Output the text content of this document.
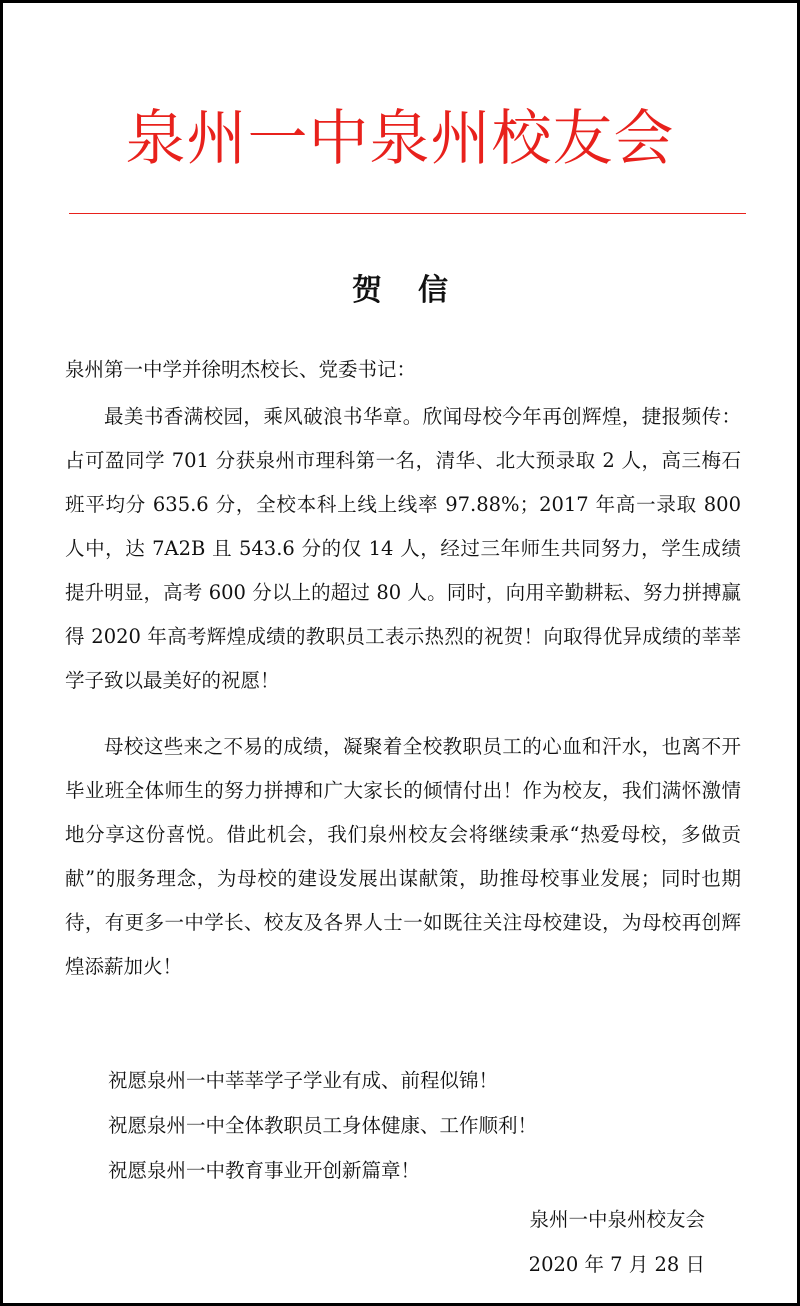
泉州一中泉州校友会
贺 信
泉州第一中学并徐明杰校长、党委书记：
最美书香满校园，乘风破浪书华章。欣闻母校今年再创辉煌，捷报频传：占可盈同学 701 分获泉州市理科第一名，清华、北大预录取 2 人，高三梅石班平均分 635.6 分，全校本科上线上线率 97.88%；2017 年高一录取 800 人中，达 7A2B 且 543.6 分的仅 14 人，经过三年师生共同努力，学生成绩提升明显，高考 600 分以上的超过 80 人。同时，向用辛勤耕耘、努力拼搏赢得 2020 年高考辉煌成绩的教职员工表示热烈的祝贺！向取得优异成绩的莘莘学子致以最美好的祝愿！
母校这些来之不易的成绩，凝聚着全校教职员工的心血和汗水，也离不开毕业班全体师生的努力拼搏和广大家长的倾情付出！作为校友，我们满怀激情地分享这份喜悦。借此机会，我们泉州校友会将继续秉承“热爱母校，多做贡献”的服务理念，为母校的建设发展出谋献策，助推母校事业发展；同时也期待，有更多一中学长、校友及各界人士一如既往关注母校建设，为母校再创辉煌添薪加火！
祝愿泉州一中莘莘学子学业有成、前程似锦！
祝愿泉州一中全体教职员工身体健康、工作顺利！
祝愿泉州一中教育事业开创新篇章！
泉州一中泉州校友会
2020 年 7 月 28 日
